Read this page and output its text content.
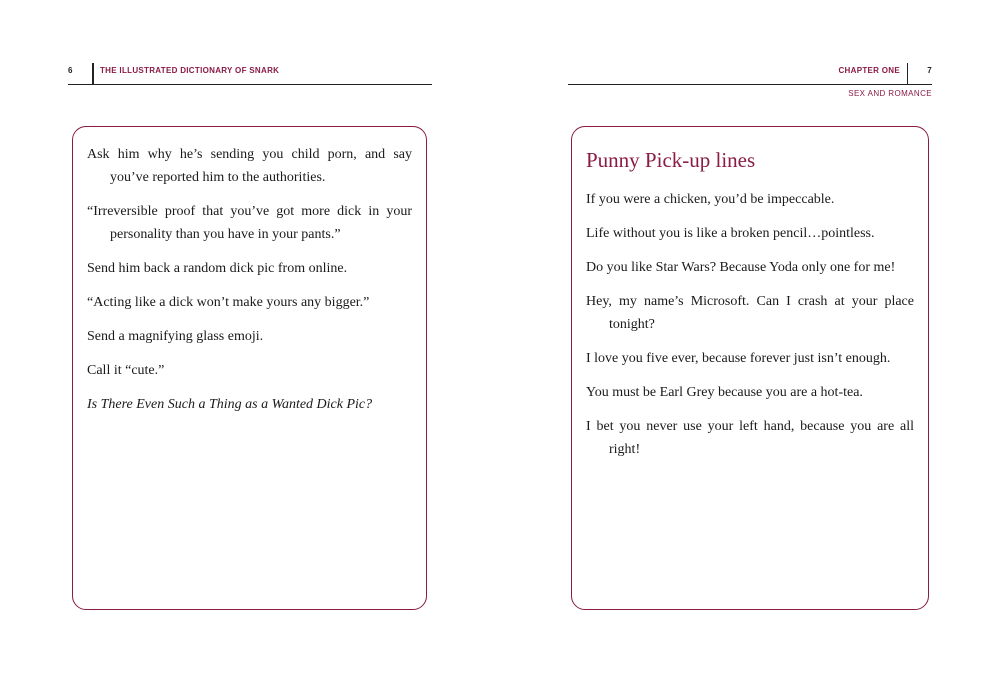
6	THE ILLUSTRATED DICTIONARY OF SNARK

Ask him why he’s sending you child porn, and say you’ve reported him to the authorities.

“Irreversible proof that you’ve got more dick in your personality than you have in your pants.”

Send him back a random dick pic from online.

“Acting like a dick won’t make yours any bigger.”

Send a magnifying glass emoji.

Call it “cute.”

Is There Even Such a Thing as a Wanted Dick Pic?

CHAPTER ONE	7
SEX AND ROMANCE
Punny Pick-up lines

If you were a chicken, you’d be impeccable.

Life without you is like a broken pencil…pointless.

Do you like Star Wars? Because Yoda only one for me!

Hey, my name’s Microsoft. Can I crash at your place tonight?

I love you five ever, because forever just isn’t enough.

You must be Earl Grey because you are a hot-tea.

I bet you never use your left hand, because you are all right!
